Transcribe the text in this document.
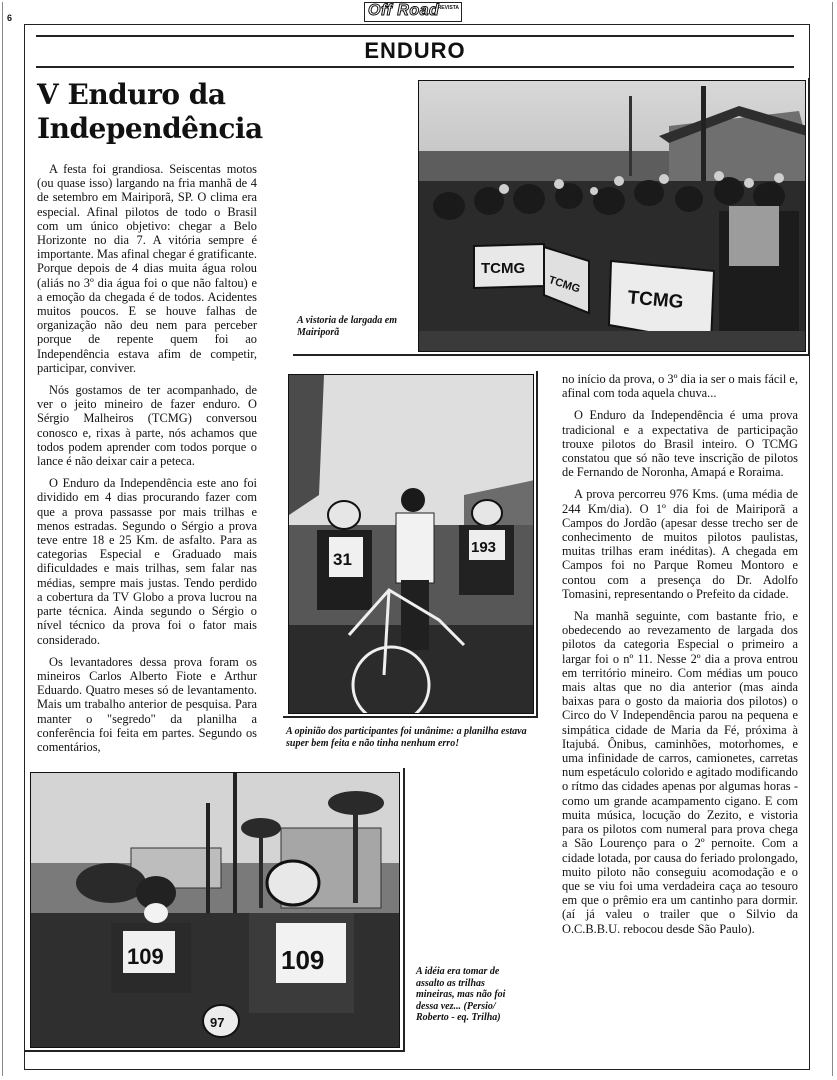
6	Off Road
REVISTA
ENDURO
V Enduro da
Independência

A festa foi grandiosa. Seiscentas motos (ou quase isso) largando na fria manhã de 4 de setembro em Mairiporã, SP. O clima era especial. Afinal pilotos de todo o Brasil com um único objetivo: chegar a Belo Horizonte no dia 7. A vitória sempre é importante. Mas afinal chegar é gratificante. Porque depois de 4 dias muita água rolou (aliás no 3º dia água foi o que não faltou) e a emoção da chegada é de todos. Acidentes muitos poucos. E se houve falhas de organização não deu nem para perceber porque de repente quem foi ao Independência estava afim de competir, participar, conviver.

Nós gostamos de ter acompanhado, de ver o jeito mineiro de fazer enduro. O Sérgio Malheiros (TCMG) conversou conosco e, rixas à parte, nós achamos que todos podem aprender com todos porque o lance é não deixar cair a peteca.

O Enduro da Independência este ano foi dividido em 4 dias procurando fazer com que a prova passasse por mais trilhas e menos estradas. Segundo o Sérgio a prova teve entre 18 e 25 Km. de asfalto. Para as categorias Especial e Graduado mais dificuldades e mais trilhas, sem falar nas médias, sempre mais justas. Tendo perdido a cobertura da TV Globo a prova lucrou na parte técnica. Ainda segundo o Sérgio o nível técnico da prova foi o fator mais considerado.

Os levantadores dessa prova foram os mineiros Carlos Alberto Fiote e Arthur Eduardo. Quatro meses só de levantamento. Mais um trabalho anterior de pesquisa. Para manter o "segredo" da planilha a conferência foi feita em partes. Segundo os comentários,

TCMG
TCMG
TCMG
A vistoria de largada em Mairiporã
31
193
A opinião dos participantes foi unânime: a planilha estava super bem feita e não tinha nenhum erro!

no início da prova, o 3º dia ia ser o mais fácil e, afinal com toda aquela chuva...

O Enduro da Independência é uma prova tradicional e a expectativa de participação trouxe pilotos do Brasil inteiro. O TCMG constatou que só não teve inscrição de pilotos de Fernando de Noronha, Amapá e Roraima.

A prova percorreu 976 Kms. (uma média de 244 Km/dia). O 1º dia foi de Mairiporã a Campos do Jordão (apesar desse trecho ser de conhecimento de muitos pilotos paulistas, muitas trilhas eram inéditas). A chegada em Campos foi no Parque Romeu Montoro e contou com a presença do Dr. Adolfo Tomasini, representando o Prefeito da cidade.

Na manhã seguinte, com bastante frio, e obedecendo ao revezamento de largada dos pilotos da categoria Especial o primeiro a largar foi o nº 11. Nesse 2º dia a prova entrou em território mineiro. Com médias um pouco mais altas que no dia anterior (mas ainda baixas para o gosto da maioria dos pilotos) o Circo do V Independência parou na pequena e simpática cidade de Maria da Fé, próxima à Itajubá. Ônibus, caminhões, motorhomes, e uma infinidade de carros, camionetes, carretas num espetáculo colorido e agitado modificando o rítmo das cidades apenas por algumas horas - como um grande acampamento cigano. E com muita música, locução do Zezito, e vistoria para os pilotos com numeral para prova chega a São Lourenço para o 2º pernoite. Com a cidade lotada, por causa do feriado prolongado, muito piloto não conseguiu acomodação e o que se viu foi uma verdadeira caça ao tesouro em que o prêmio era um cantinho para dormir. (aí já valeu o trailer que o Silvio da O.C.B.B.U. rebocou desde São Paulo).

109	109
97
A idéia era tomar de assalto as trilhas mineiras, mas não foi dessa vez... (Persio/ Roberto - eq. Trilha)
